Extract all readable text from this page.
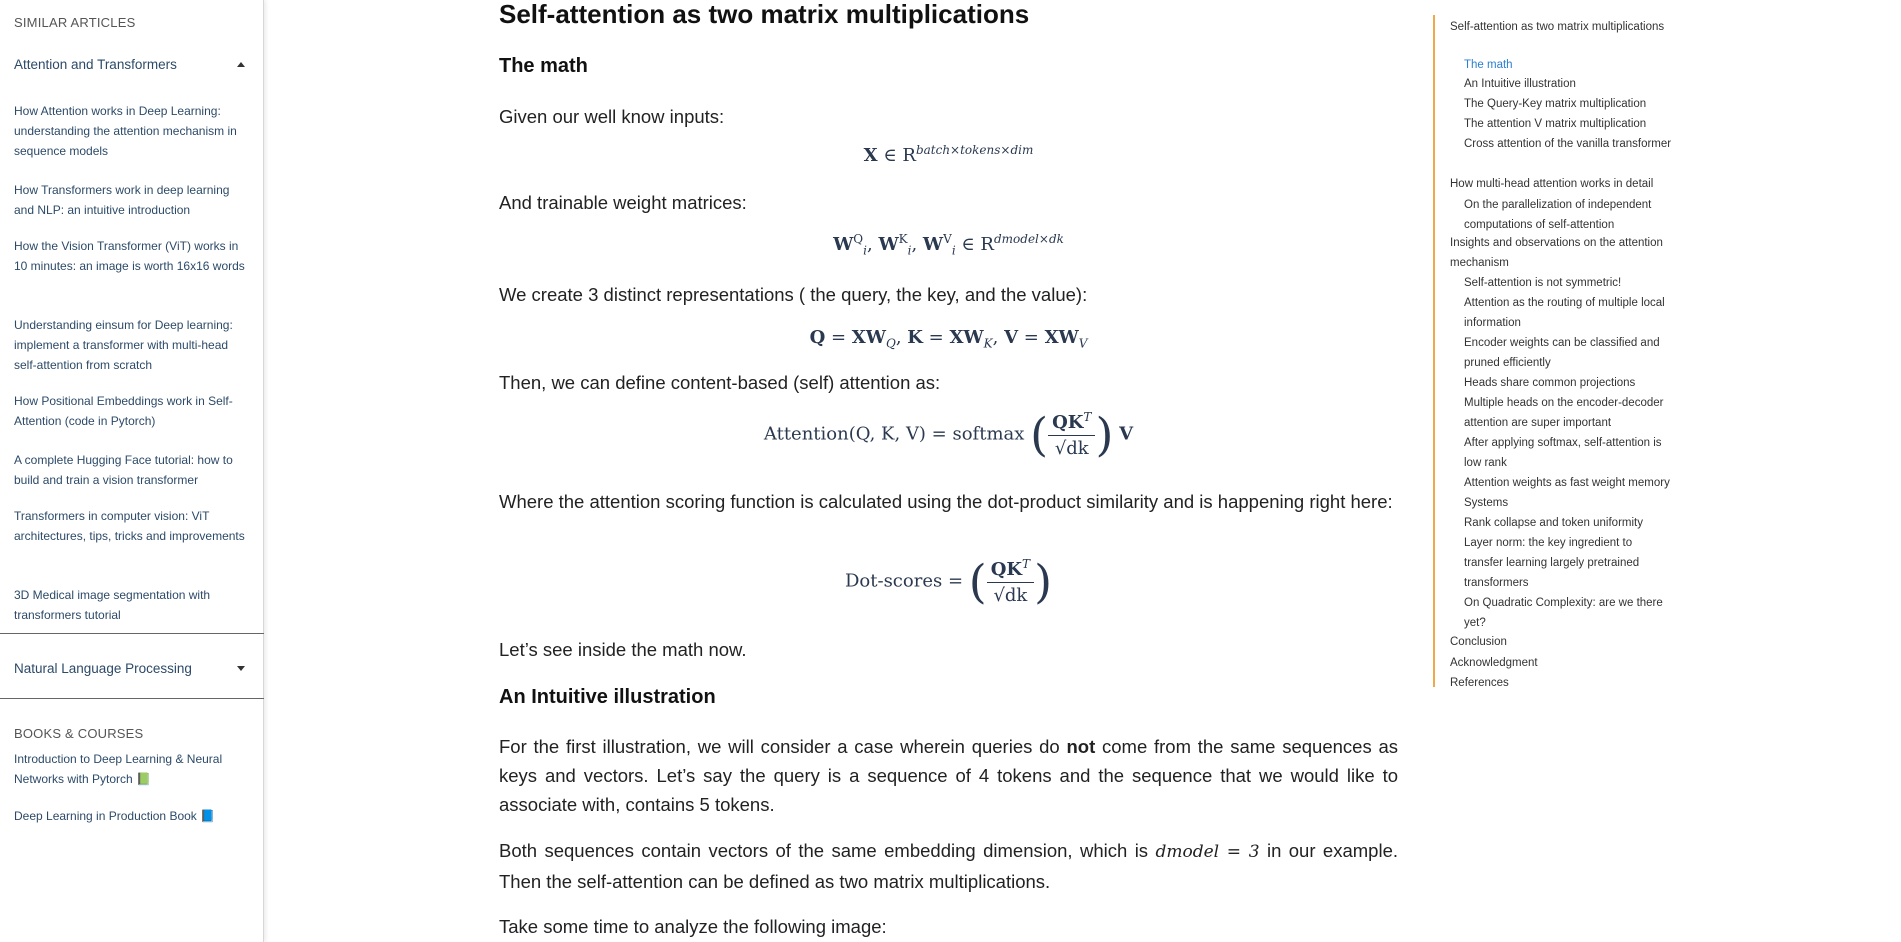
SIMILAR ARTICLES
Attention and Transformers
How Attention works in Deep Learning: understanding the attention mechanism in sequence models
How Transformers work in deep learning and NLP: an intuitive introduction
How the Vision Transformer (ViT) works in 10 minutes: an image is worth 16x16 words
Understanding einsum for Deep learning: implement a transformer with multi-head self-attention from scratch
How Positional Embeddings work in Self-Attention (code in Pytorch)
A complete Hugging Face tutorial: how to build and train a vision transformer
Transformers in computer vision: ViT architectures, tips, tricks and improvements
3D Medical image segmentation with transformers tutorial
Natural Language Processing
BOOKS & COURSES
Introduction to Deep Learning & Neural Networks with Pytorch 📗
Deep Learning in Production Book 📘
Self-attention as two matrix multiplications
The math

Given our well know inputs:

X ∈ $R^{batch\times tokens\times dim}$

And trainable weight matrices:

$W^Q_i$, $W^K_i$, $W^V_i$ ∈ $R^{dmodel\times dk}$

We create 3 distinct representations ( the query, the key, and the value):

$Q = XW_Q$, $K = XW_K$, $V = XW_V$

Then, we can define content-based (self) attention as:

Attention(Q, K, V) = softmax ( $\frac{QK^T}{√dk}$ ) V

Where the attention scoring function is calculated using the dot-product similarity and is happening right here:

Dot-scores = ( $\frac{QK^T}{√dk}$ )

Let’s see inside the math now.

An Intuitive illustration

For the first illustration, we will consider a case wherein queries do not come from the same sequences as keys and vectors. Let’s say the query is a sequence of 4 tokens and the sequence that we would like to associate with, contains 5 tokens.

Both sequences contain vectors of the same embedding dimension, which is dmodel = 3 in our example. Then the self-attention can be defined as two matrix multiplications.

Take some time to analyze the following image:

Self-attention as two matrix multiplications
The math
An Intuitive illustration
The Query-Key matrix multiplication
The attention V matrix multiplication
Cross attention of the vanilla transformer
How multi-head attention works in detail
On the parallelization of independent computations of self-attention
Insights and observations on the attention mechanism
Self-attention is not symmetric!
Attention as the routing of multiple local information
Encoder weights can be classified and pruned efficiently
Heads share common projections
Multiple heads on the encoder-decoder attention are super important
After applying softmax, self-attention is low rank
Attention weights as fast weight memory Systems
Rank collapse and token uniformity
Layer norm: the key ingredient to transfer learning largely pretrained transformers
On Quadratic Complexity: are we there yet?
Conclusion
Acknowledgment
References
